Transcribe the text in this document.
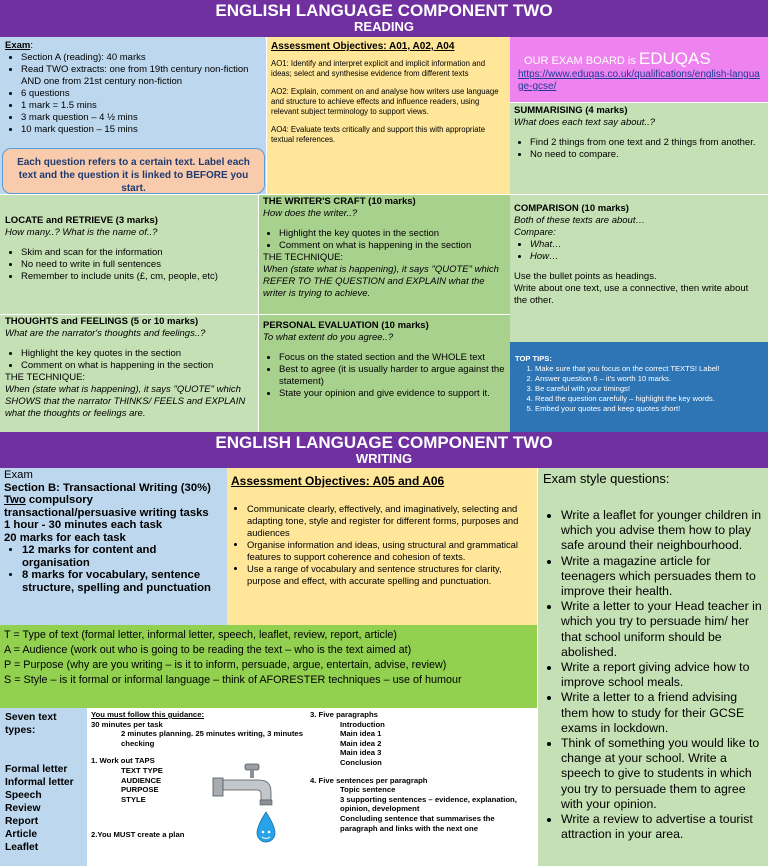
ENGLISH LANGUAGE COMPONENT TWO
READING
Exam:
• Section A (reading): 40 marks
• Read TWO extracts: one from 19th century non-fiction AND one from 21st century non-fiction
• 6 questions
• 1 mark = 1.5 mins
• 3 mark question – 4 ½ mins
• 10 mark question – 15 mins
Each question refers to a certain text. Label each text and the question it is linked to BEFORE you start.
Assessment Objectives: A01, A02, A04
AO1: Identify and interpret explicit and implicit information and ideas; select and synthesise evidence from different texts
AO2: Explain, comment on and analyse how writers use language and structure to achieve effects and influence readers, using relevant subject terminology to support views.
AO4: Evaluate texts critically and support this with appropriate textual references.
OUR EXAM BOARD is EDUQAS
https://www.eduqas.co.uk/qualifications/english-language-gcse/
SUMMARISING (4 marks)
What does each text say about..?
• Find 2 things from one text and 2 things from another.
• No need to compare.
LOCATE and RETRIEVE (3 marks)
How many..? What is the name of..?
• Skim and scan for the information
• No need to write in full sentences
• Remember to include units (£, cm, people, etc)
THE WRITER'S CRAFT (10 marks)
How does the writer..?
• Highlight the key quotes in the section
• Comment on what is happening in the section
THE TECHNIQUE:
When (state what is happening), it says "QUOTE" which REFER TO THE QUESTION and EXPLAIN what the writer is trying to achieve.
COMPARISON (10 marks)
Both of these texts are about…
Compare:
• What…
• How…
Use the bullet points as headings.
Write about one text, use a connective, then write about the other.
THOUGHTS and FEELINGS (5 or 10 marks)
What are the narrator's thoughts and feelings..?
• Highlight the key quotes in the section
• Comment on what is happening in the section
THE TECHNIQUE:
When (state what is happening), it says "QUOTE" which SHOWS that the narrator THINKS/ FEELS and EXPLAIN what the thoughts or feelings are.
PERSONAL EVALUATION (10 marks)
To what extent do you agree..?
• Focus on the stated section and the WHOLE text
• Best to agree (it is usually harder to argue against the statement)
• State your opinion and give evidence to support it.
TOP TIPS:
1. Make sure that you focus on the correct TEXTS! Label!
2. Answer question 6 – it's worth 10 marks.
3. Be careful with your timings!
4. Read the question carefully – highlight the key words.
5. Embed your quotes and keep quotes short!
ENGLISH LANGUAGE COMPONENT TWO
WRITING
Exam
Section B: Transactional Writing (30%)
Two compulsory
transactional/persuasive writing tasks
1 hour - 30 minutes each task
20 marks for each task
• 12 marks for content and organisation
• 8 marks for vocabulary, sentence structure, spelling and punctuation
Assessment Objectives: A05 and A06
• Communicate clearly, effectively, and imaginatively, selecting and adapting tone, style and register for different forms, purposes and audiences
• Organise information and ideas, using structural and grammatical features to support coherence and cohesion of texts.
• Use a range of vocabulary and sentence structures for clarity, purpose and effect, with accurate spelling and punctuation.
Exam style questions:
• Write a leaflet for younger children in which you advise them how to play safe around their neighbourhood.
• Write a magazine article for teenagers which persuades them to improve their health.
• Write a letter to your Head teacher in which you try to persuade him/ her that school uniform should be abolished.
• Write a report giving advice how to improve school meals.
• Write a letter to a friend advising them how to study for their GCSE exams in lockdown.
• Think of something you would like to change at your school. Write a speech to give to students in which you try to persuade them to agree with your opinion.
• Write a review to advertise a tourist attraction in your area.
T = Type of text (formal letter, informal letter, speech, leaflet, review, report, article)
A = Audience (work out who is going to be reading the text – who is the text aimed at)
P = Purpose (why are you writing – is it to inform, persuade, argue, entertain, advise, review)
S = Style – is it formal or informal language – think of AFORESTER techniques – use of humour
Seven text types:
Formal letter
Informal letter
Speech
Review
Report
Article
Leaflet
You must follow this guidance:
30 minutes per task
2 minutes planning. 25 minutes writing, 3 minutes checking
1. Work out TAPS
TEXT TYPE
AUDIENCE
PURPOSE
STYLE
2.You MUST create a plan
3. Five paragraphs
Introduction
Main idea 1
Main idea 2
Main idea 3
Conclusion
4. Five sentences per paragraph
Topic sentence
3 supporting sentences – evidence, explanation, opinion, development
Concluding sentence that summarises the paragraph and links with the next one
